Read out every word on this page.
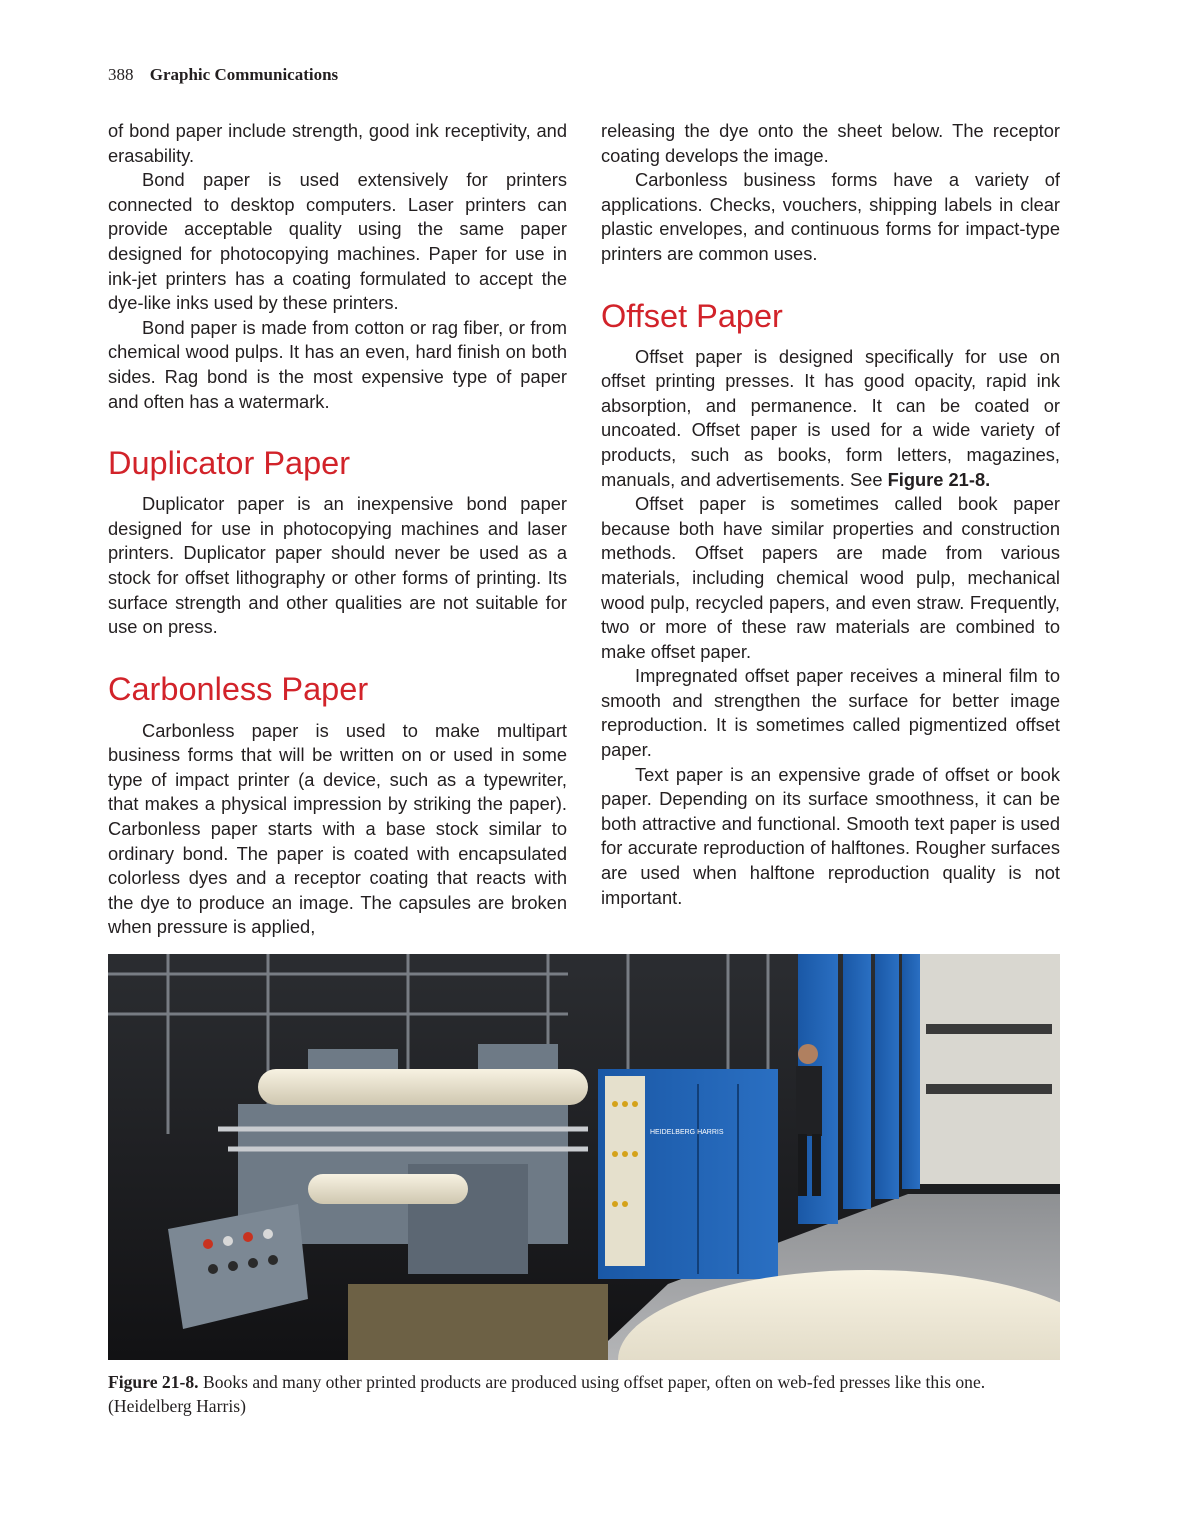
388 Graphic Communications

of bond paper include strength, good ink receptivity, and erasability.

Bond paper is used extensively for printers connected to desktop computers. Laser printers can provide acceptable quality using the same paper designed for photocopying machines. Paper for use in ink-jet printers has a coating formulated to accept the dye-like inks used by these printers.

Bond paper is made from cotton or rag fiber, or from chemical wood pulps. It has an even, hard finish on both sides. Rag bond is the most expensive type of paper and often has a watermark.

Duplicator Paper

Duplicator paper is an inexpensive bond paper designed for use in photocopying machines and laser printers. Duplicator paper should never be used as a stock for offset lithography or other forms of printing. Its surface strength and other qualities are not suitable for use on press.

Carbonless Paper

Carbonless paper is used to make multipart business forms that will be written on or used in some type of impact printer (a device, such as a typewriter, that makes a physical impression by striking the paper). Carbonless paper starts with a base stock similar to ordinary bond. The paper is coated with encapsulated colorless dyes and a receptor coating that reacts with the dye to produce an image. The capsules are broken when pressure is applied,

releasing the dye onto the sheet below. The receptor coating develops the image.

Carbonless business forms have a variety of applications. Checks, vouchers, shipping labels in clear plastic envelopes, and continuous forms for impact-type printers are common uses.

Offset Paper

Offset paper is designed specifically for use on offset printing presses. It has good opacity, rapid ink absorption, and permanence. It can be coated or uncoated. Offset paper is used for a wide variety of products, such as books, form letters, magazines, manuals, and advertisements. See Figure 21-8.

Offset paper is sometimes called book paper because both have similar properties and construction methods. Offset papers are made from various materials, including chemical wood pulp, mechanical wood pulp, recycled papers, and even straw. Frequently, two or more of these raw materials are combined to make offset paper.

Impregnated offset paper receives a mineral film to smooth and strengthen the surface for better image reproduction. It is sometimes called pigmentized offset paper.

Text paper is an expensive grade of offset or book paper. Depending on its surface smoothness, it can be both attractive and functional. Smooth text paper is used for accurate reproduction of halftones. Rougher surfaces are used when halftone reproduction quality is not important.

HEIDELBERG HARRIS
Figure 21-8. Books and many other printed products are produced using offset paper, often on web-fed presses like this one. (Heidelberg Harris)
